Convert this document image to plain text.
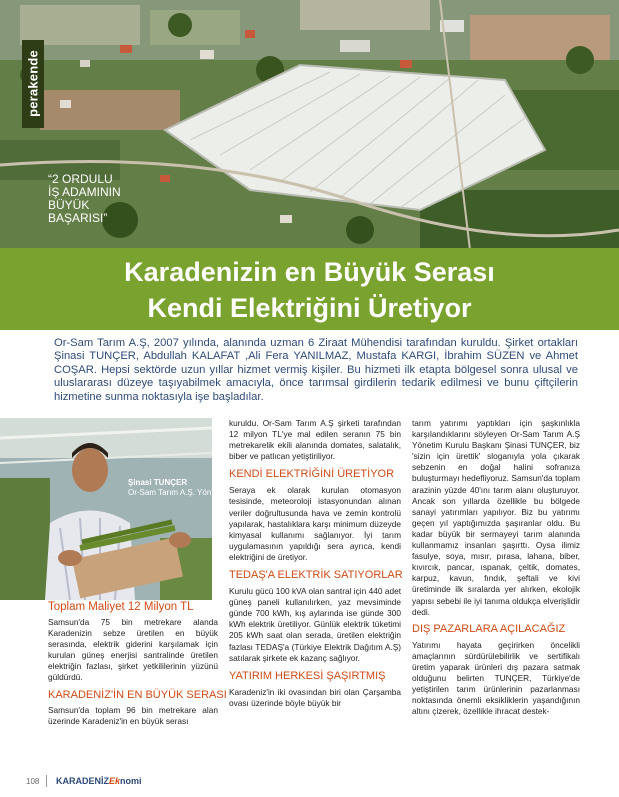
perakende
“2 ORDULU
İŞ ADAMININ
BÜYÜK
BAŞARISI”
Karadenizin en Büyük Serası
Kendi Elektriğini Üretiyor
Or-Sam Tarım A.Ş, 2007 yılında, alanında uzman 6 Ziraat Mühendisi tarafından kuruldu. Şirket ortakları Şinasi TUNÇER, Abdullah KALAFAT ,Ali Fera YANILMAZ, Mustafa KARGI, İbrahim SÜZEN ve Ahmet COŞAR. Hepsi sektörde uzun yıllar hizmet vermiş kişiler. Bu hizmeti ilk etapta bölgesel sonra ulusal ve uluslararası düzeye taşıyabilmek amacıyla, önce tarımsal girdilerin tedarik edilmesi ve bunu çiftçilerin hizmetine sunma noktasıyla işe başladılar.
Şinasi TUNÇER
Or-Sam Tarım A.Ş. Yön. Kurulu Başkanı

Toplam Maliyet 12 Milyon TL

Samsun'da 75 bin metrekare alanda Karadenizin sebze üretilen en büyük serasında, elektrik giderini karşılamak için kurulan güneş enerjisi santralinde üretilen elektriğin fazlası, şirket yetkililerinin yüzünü güldürdü.

KARADENİZ'İN EN BÜYÜK SERASI

Samsun'da toplam 96 bin metrekare alan üzerinde Karadeniz'in en büyük serası

kuruldu. Or-Sam Tarım A.Ş şirketi tarafından 12 milyon TL'ye mal edilen seranın 75 bin metrekarelik ekili alanında domates, salatalık, biber ve patlıcan yetiştiriliyor.

KENDİ ELEKTRİĞİNİ ÜRETİYOR

Seraya ek olarak kurulan otomasyon tesisinde, meteoroloji istasyonundan alınan veriler doğrultusunda hava ve zemin kontrolü yapılarak, hastalıklara karşı minimum düzeyde kimyasal kullanımı sağlanıyor. İyi tarım uygulamasının yapıldığı sera ayrıca, kendi elektriğini de üretiyor.

TEDAŞ'A ELEKTRİK SATIYORLAR

Kurulu gücü 100 kVA olan santral için 440 adet güneş paneli kullanılırken, yaz mevsiminde günde 700 kWh, kış aylarında ise günde 300 kWh elektrik üretiliyor. Günlük elektrik tüketimi 205 kWh saat olan serada, üretilen elektriğin fazlası TEDAŞ'a (Türkiye Elektrik Dağıtım A.Ş) satılarak şirkete ek kazanç sağlıyor.

YATIRIM HERKESİ ŞAŞIRTMIŞ

Karadeniz'in iki ovasından biri olan Çarşamba ovası üzerinde böyle büyük bir

tarım yatırımı yaptıkları için şaşkınlıkla karşılandıklarını söyleyen Or-Sam Tarım A.Ş Yönetim Kurulu Başkanı Şinasi TUNÇER, biz 'sizin için ürettik' sloganıyla yola çıkarak sebzenin en doğal halini sofranıza buluşturmayı hedefliyoruz. Samsun'da toplam arazinin yüzde 40'ını tarım alanı oluşturuyor. Ancak son yıllarda özellikle bu bölgede sanayi yatırımları yapılıyor. Biz bu yatırımı geçen yıl yaptığımızda şaşıranlar oldu. Bu kadar büyük bir sermayeyi tarım alanında kullanmamız insanları şaşırttı. Oysa ilimiz fasulye, soya, mısır, pırasa, lahana, biber, kıvırcık, pancar, ıspanak, çeltik, domates, karpuz, kavun, fındık, şeftali ve kivi üretiminde ilk sıralarda yer alırken, ekolojik yapısı sebebi ile iyi tanıma oldukça elverişlidir dedi.

DIŞ PAZARLARA AÇILACAĞIZ

Yatırımı hayata geçirirken öncelikli amaçlarının sürdürülebilirlik ve sertifikalı üretim yaparak ürünleri dış pazara satmak olduğunu belirten TUNÇER, Türkiye'de yetiştirilen tarım ürünlerinin pazarlanması noktasında önemli eksikliklerin yaşandığının altını çizerek, özellikle ihracat destek-

108 KARADENİZEknomi
